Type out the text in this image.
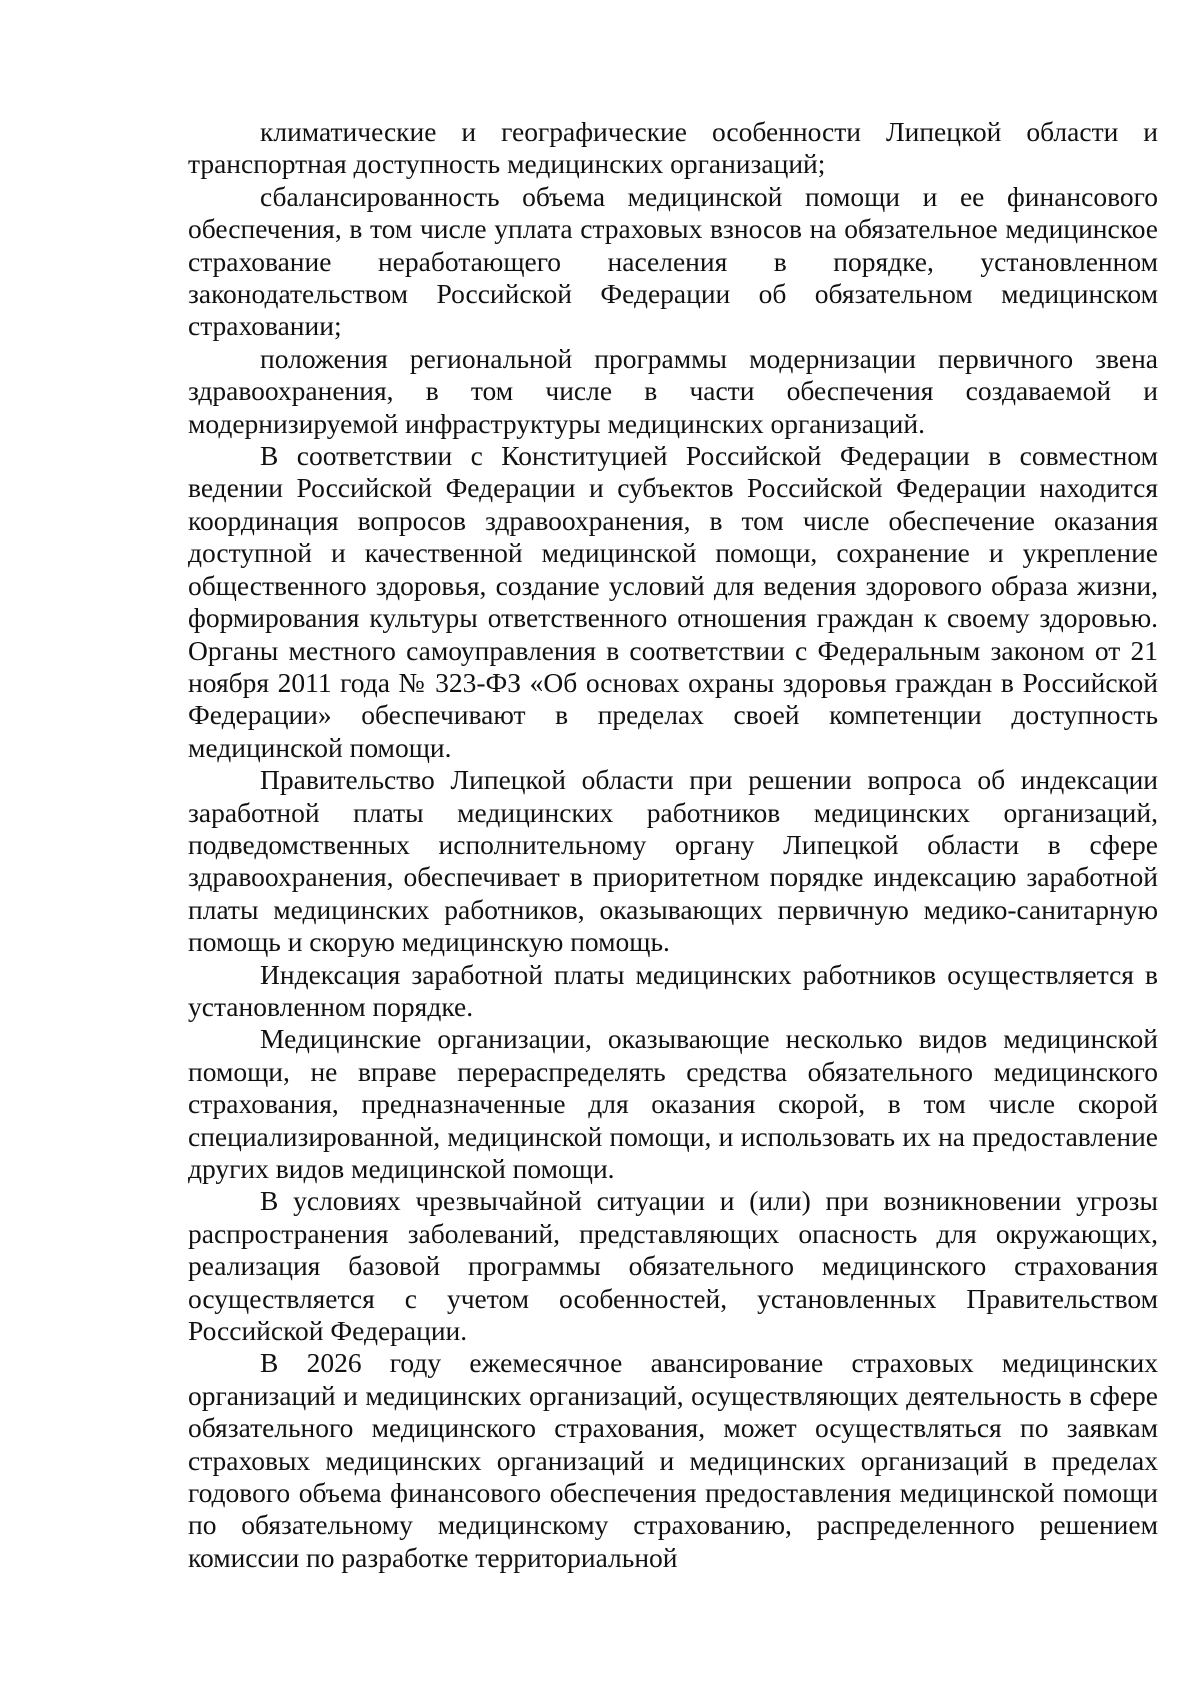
климатические и географические особенности Липецкой области и транспортная доступность медицинских организаций;

сбалансированность объема медицинской помощи и ее финансового обеспечения, в том числе уплата страховых взносов на обязательное медицинское страхование неработающего населения в порядке, установленном законодательством Российской Федерации об обязательном медицинском страховании;

положения региональной программы модернизации первичного звена здравоохранения, в том числе в части обеспечения создаваемой и модернизируемой инфраструктуры медицинских организаций.

В соответствии с Конституцией Российской Федерации в совместном ведении Российской Федерации и субъектов Российской Федерации находится координация вопросов здравоохранения, в том числе обеспечение оказания доступной и качественной медицинской помощи, сохранение и укрепление общественного здоровья, создание условий для ведения здорового образа жизни, формирования культуры ответственного отношения граждан к своему здоровью. Органы местного самоуправления в соответствии с Федеральным законом от 21 ноября 2011 года № 323-ФЗ «Об основах охраны здоровья граждан в Российской Федерации» обеспечивают в пределах своей компетенции доступность медицинской помощи.

Правительство Липецкой области при решении вопроса об индексации заработной платы медицинских работников медицинских организаций, подведомственных исполнительному органу Липецкой области в сфере здравоохранения, обеспечивает в приоритетном порядке индексацию заработной платы медицинских работников, оказывающих первичную медико-санитарную помощь и скорую медицинскую помощь.

Индексация заработной платы медицинских работников осуществляется в установленном порядке.

Медицинские организации, оказывающие несколько видов медицинской помощи, не вправе перераспределять средства обязательного медицинского страхования, предназначенные для оказания скорой, в том числе скорой специализированной, медицинской помощи, и использовать их на предоставление других видов медицинской помощи.

В условиях чрезвычайной ситуации и (или) при возникновении угрозы распространения заболеваний, представляющих опасность для окружающих, реализация базовой программы обязательного медицинского страхования осуществляется с учетом особенностей, установленных Правительством Российской Федерации.

В 2026 году ежемесячное авансирование страховых медицинских организаций и медицинских организаций, осуществляющих деятельность в сфере обязательного медицинского страхования, может осуществляться по заявкам страховых медицинских организаций и медицинских организаций в пределах годового объема финансового обеспечения предоставления медицинской помощи по обязательному медицинскому страхованию, распределенного решением комиссии по разработке территориальной
